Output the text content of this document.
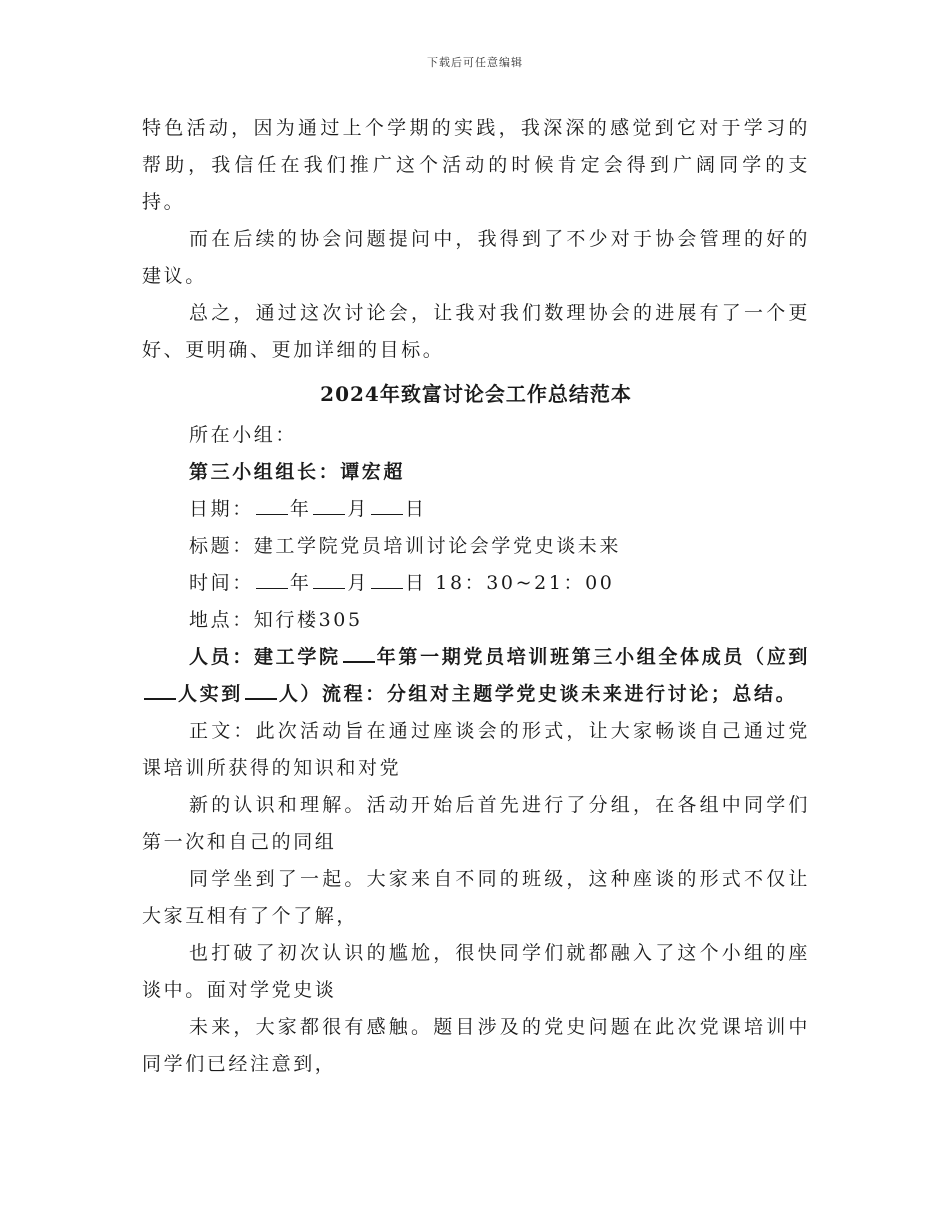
下载后可任意编辑

特色活动，因为通过上个学期的实践，我深深的感觉到它对于学习的帮助，我信任在我们推广这个活动的时候肯定会得到广阔同学的支持。

而在后续的协会问题提问中，我得到了不少对于协会管理的好的建议。

总之，通过这次讨论会，让我对我们数理协会的进展有了一个更好、更明确、更加详细的目标。

2024年致富讨论会工作总结范本

所在小组：

第三小组组长：谭宏超

日期： 年 月 日

标题：建工学院党员培训讨论会学党史谈未来

时间： 年 月 日 18：30~21：00

地点：知行楼305

人员：建工学院 年第一期党员培训班第三小组全体成员（应到人实到 人）流程：分组对主题学党史谈未来进行讨论；总结。

正文：此次活动旨在通过座谈会的形式，让大家畅谈自己通过党课培训所获得的知识和对党

新的认识和理解。活动开始后首先进行了分组，在各组中同学们第一次和自己的同组

同学坐到了一起。大家来自不同的班级，这种座谈的形式不仅让大家互相有了个了解，

也打破了初次认识的尴尬，很快同学们就都融入了这个小组的座谈中。面对学党史谈

未来，大家都很有感触。题目涉及的党史问题在此次党课培训中同学们已经注意到，
